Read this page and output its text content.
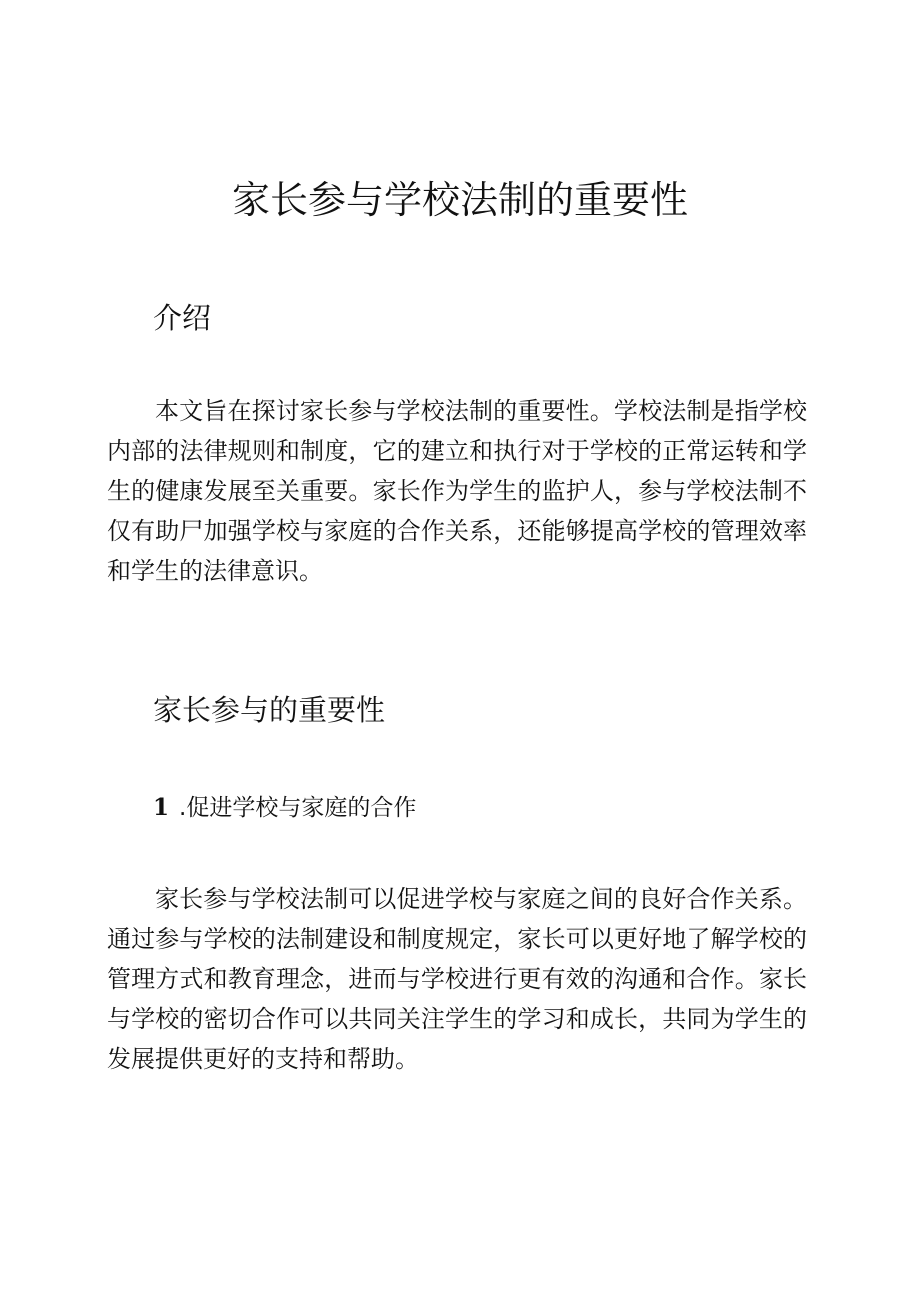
家长参与学校法制的重要性
介绍

本文旨在探讨家长参与学校法制的重要性。学校法制是指学校内部的法律规则和制度，它的建立和执行对于学校的正常运转和学生的健康发展至关重要。家长作为学生的监护人，参与学校法制不仅有助尸加强学校与家庭的合作关系，还能够提高学校的管理效率和学生的法律意识。

家长参与的重要性
1 .促进学校与家庭的合作

家长参与学校法制可以促进学校与家庭之间的良好合作关系。通过参与学校的法制建设和制度规定，家长可以更好地了解学校的管理方式和教育理念，进而与学校进行更有效的沟通和合作。家长与学校的密切合作可以共同关注学生的学习和成长，共同为学生的发展提供更好的支持和帮助。
